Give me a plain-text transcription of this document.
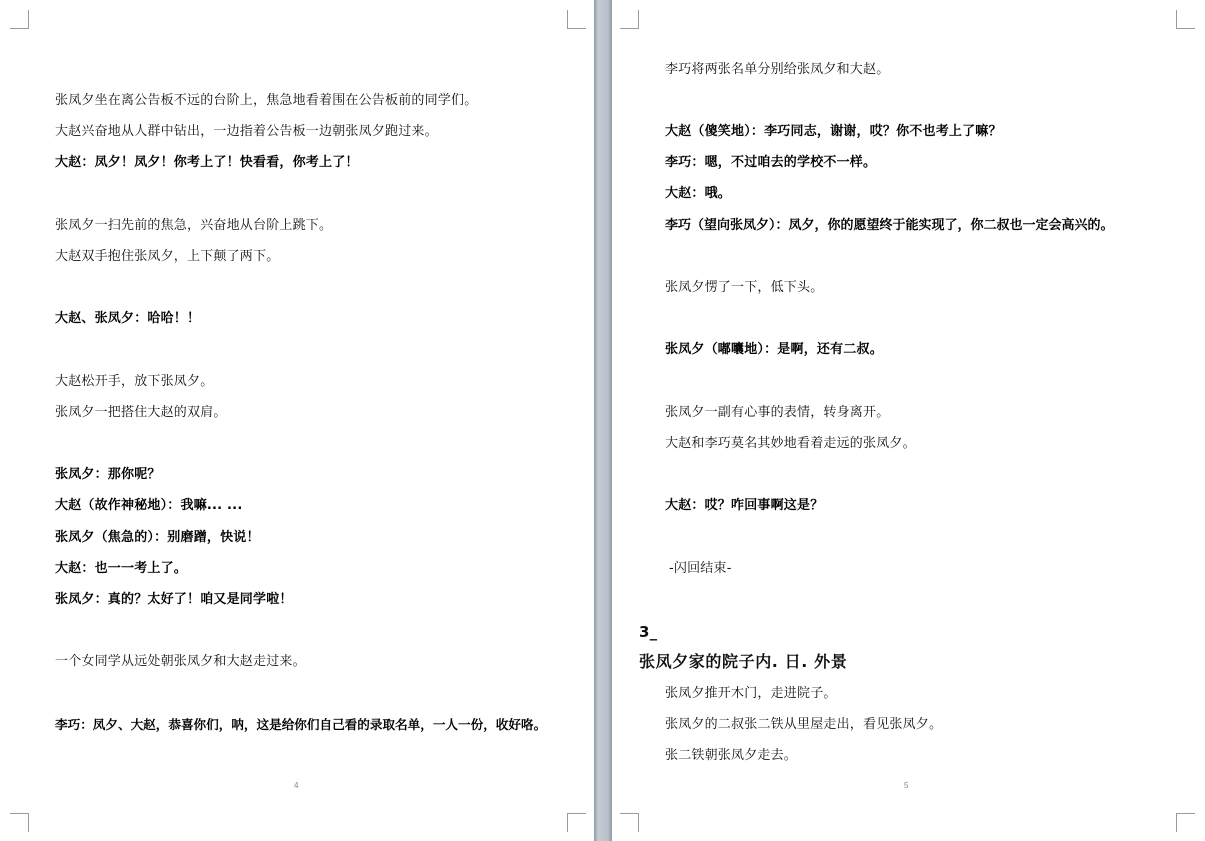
张凤夕坐在离公告板不远的台阶上，焦急地看着围在公告板前的同学们。
大赵兴奋地从人群中钻出，一边指着公告板一边朝张凤夕跑过来。
大赵：凤夕！凤夕！你考上了！快看看，你考上了！
张凤夕一扫先前的焦急，兴奋地从台阶上跳下。
大赵双手抱住张凤夕，上下颠了两下。
大赵、张凤夕：哈哈！！
大赵松开手，放下张凤夕。
张凤夕一把搭住大赵的双肩。
张凤夕：那你呢？
大赵（故作神秘地）：我嘛... ...
张凤夕（焦急的）：别磨蹭，快说！
大赵：也一一考上了。
张凤夕：真的？太好了！咱又是同学啦！
一个女同学从远处朝张凤夕和大赵走过来。
李巧：凤夕、大赵，恭喜你们，呐，这是给你们自己看的录取名单，一人一份，收好咯。
4
李巧将两张名单分别给张凤夕和大赵。
大赵（傻笑地）：李巧同志，谢谢，哎？你不也考上了嘛？
李巧：嗯，不过咱去的学校不一样。
大赵：哦。
李巧（望向张凤夕）：凤夕，你的愿望终于能实现了，你二叔也一定会高兴的。
张凤夕愣了一下，低下头。
张凤夕（嘟囔地）：是啊，还有二叔。
张凤夕一副有心事的表情，转身离开。
大赵和李巧莫名其妙地看着走远的张凤夕。
大赵：哎？咋回事啊这是？
-闪回结束-
3_
张凤夕家的院子内. 日. 外景
张凤夕推开木门，走进院子。
张凤夕的二叔张二铁从里屋走出，看见张凤夕。
张二铁朝张凤夕走去。
5
